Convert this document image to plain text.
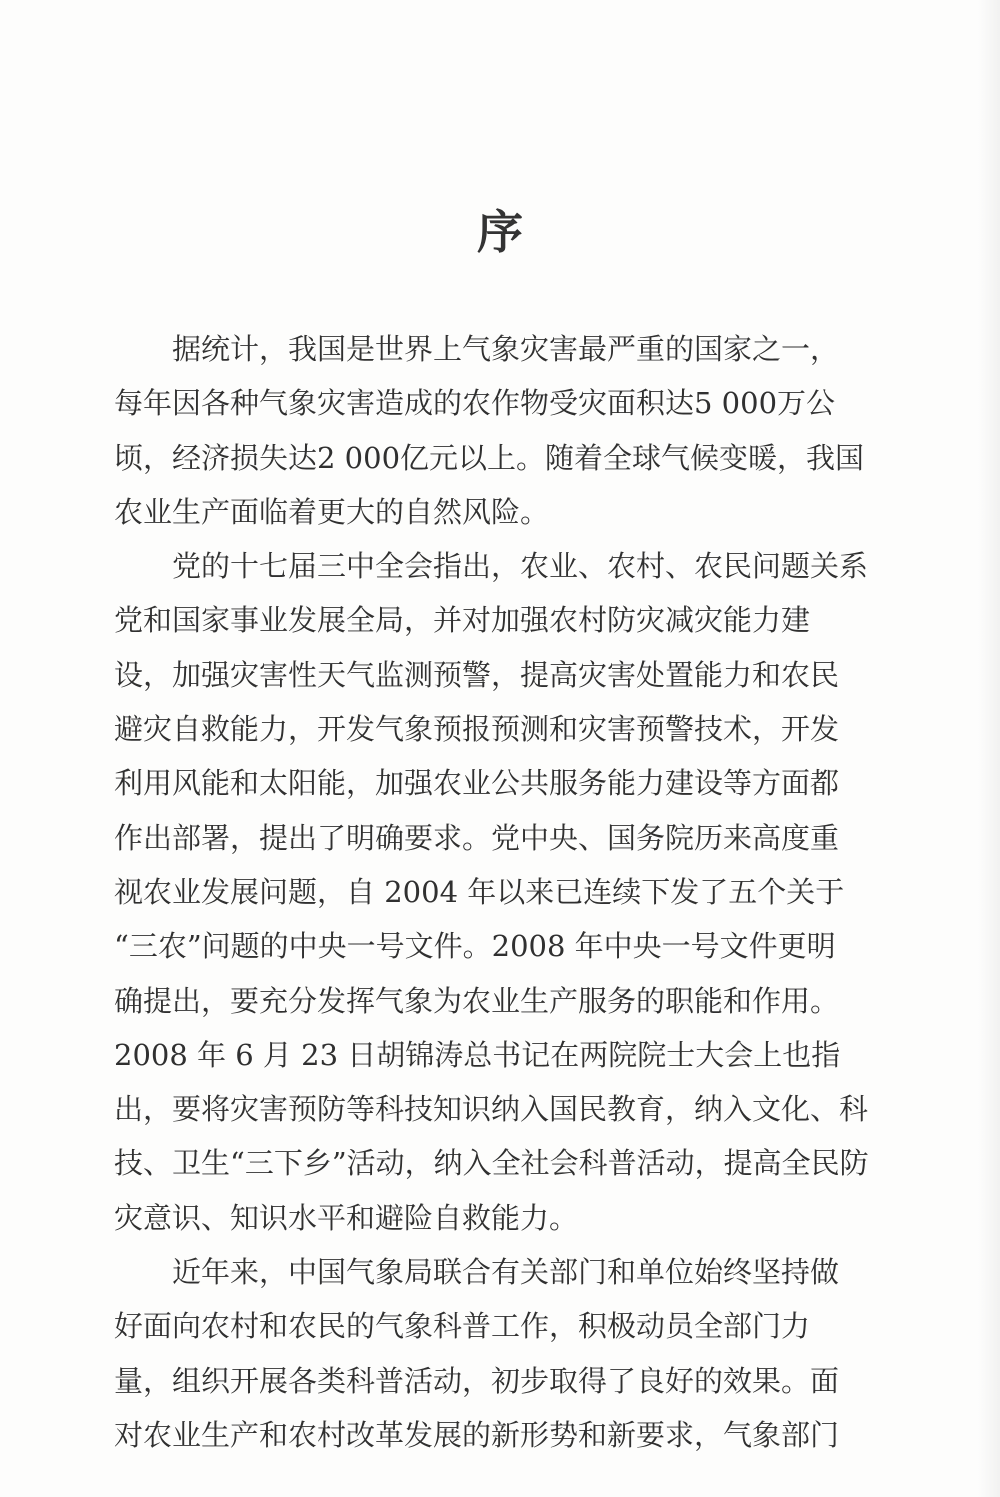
序
　　据统计，我国是世界上气象灾害最严重的国家之一，
每年因各种气象灾害造成的农作物受灾面积达5 000万公
顷，经济损失达2 000亿元以上。随着全球气候变暖，我国
农业生产面临着更大的自然风险。
　　党的十七届三中全会指出，农业、农村、农民问题关系
党和国家事业发展全局，并对加强农村防灾减灾能力建
设，加强灾害性天气监测预警，提高灾害处置能力和农民
避灾自救能力，开发气象预报预测和灾害预警技术，开发
利用风能和太阳能，加强农业公共服务能力建设等方面都
作出部署，提出了明确要求。党中央、国务院历来高度重
视农业发展问题，自 2004 年以来已连续下发了五个关于
“三农”问题的中央一号文件。2008 年中央一号文件更明
确提出，要充分发挥气象为农业生产服务的职能和作用。
2008 年 6 月 23 日胡锦涛总书记在两院院士大会上也指
出，要将灾害预防等科技知识纳入国民教育，纳入文化、科
技、卫生“三下乡”活动，纳入全社会科普活动，提高全民防
灾意识、知识水平和避险自救能力。
　　近年来，中国气象局联合有关部门和单位始终坚持做
好面向农村和农民的气象科普工作，积极动员全部门力
量，组织开展各类科普活动，初步取得了良好的效果。面
对农业生产和农村改革发展的新形势和新要求，气象部门
